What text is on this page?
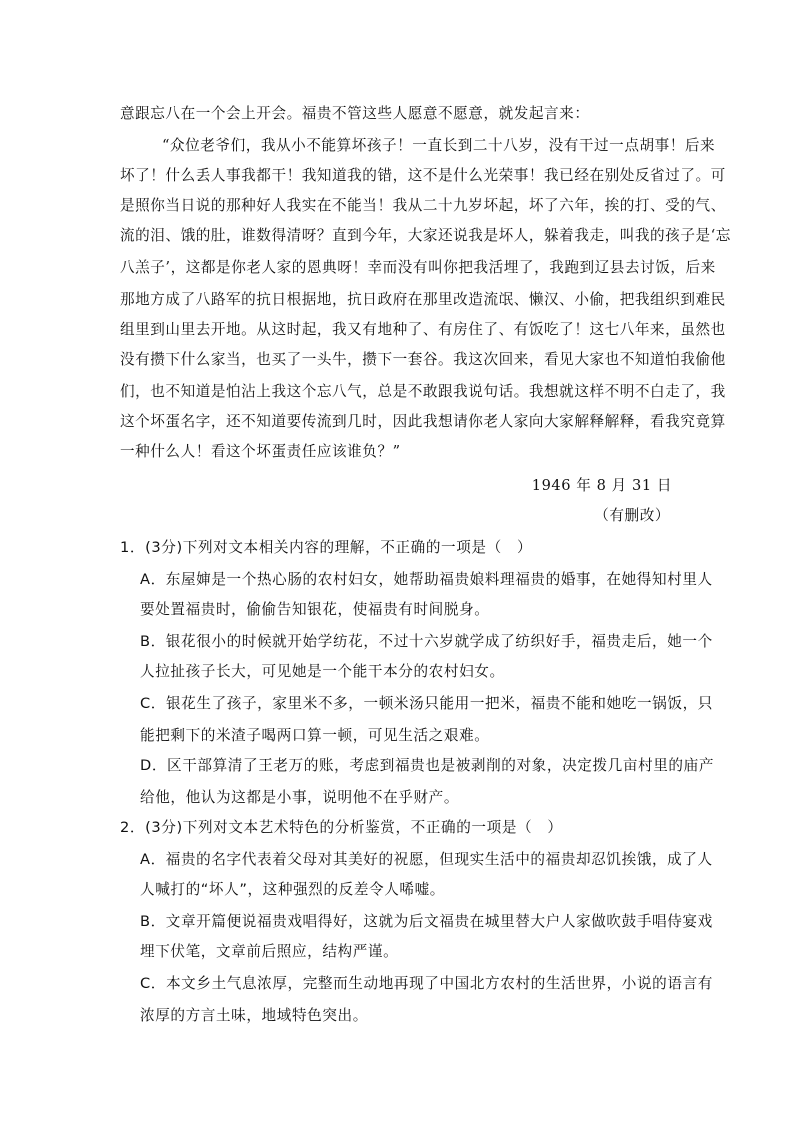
意跟忘八在一个会上开会。福贵不管这些人愿意不愿意，就发起言来：
“众位老爷们，我从小不能算坏孩子！一直长到二十八岁，没有干过一点胡事！后来
坏了！什么丢人事我都干！我知道我的错，这不是什么光荣事！我已经在别处反省过了。可
是照你当日说的那种好人我实在不能当！我从二十九岁坏起，坏了六年，挨的打、受的气、
流的泪、饿的肚，谁数得清呀？直到今年，大家还说我是坏人，躲着我走，叫我的孩子是‘忘
八羔子’，这都是你老人家的恩典呀！幸而没有叫你把我活埋了，我跑到辽县去讨饭，后来
那地方成了八路军的抗日根据地，抗日政府在那里改造流氓、懒汉、小偷，把我组织到难民
组里到山里去开地。从这时起，我又有地种了、有房住了、有饭吃了！这七八年来，虽然也
没有攒下什么家当，也买了一头牛，攒下一套谷。我这次回来，看见大家也不知道怕我偷他
们，也不知道是怕沾上我这个忘八气，总是不敢跟我说句话。我想就这样不明不白走了，我
这个坏蛋名字，还不知道要传流到几时，因此我想请你老人家向大家解释解释，看我究竟算
一种什么人！看这个坏蛋责任应该谁负？”
1946 年 8 月 31 日
（有删改）
1．(3分)下列对文本相关内容的理解，不正确的一项是（　）
A．东屋婶是一个热心肠的农村妇女，她帮助福贵娘料理福贵的婚事，在她得知村里人
要处置福贵时，偷偷告知银花，使福贵有时间脱身。
B．银花很小的时候就开始学纺花，不过十六岁就学成了纺织好手，福贵走后，她一个
人拉扯孩子长大，可见她是一个能干本分的农村妇女。
C．银花生了孩子，家里米不多，一顿米汤只能用一把米，福贵不能和她吃一锅饭，只
能把剩下的米渣子喝两口算一顿，可见生活之艰难。
D．区干部算清了王老万的账，考虑到福贵也是被剥削的对象，决定拨几亩村里的庙产
给他，他认为这都是小事，说明他不在乎财产。
2．(3分)下列对文本艺术特色的分析鉴赏，不正确的一项是（　）
A．福贵的名字代表着父母对其美好的祝愿，但现实生活中的福贵却忍饥挨饿，成了人
人喊打的“坏人”，这种强烈的反差令人唏嘘。
B．文章开篇便说福贵戏唱得好，这就为后文福贵在城里替大户人家做吹鼓手唱侍宴戏
埋下伏笔，文章前后照应，结构严谨。
C．本文乡土气息浓厚，完整而生动地再现了中国北方农村的生活世界，小说的语言有
浓厚的方言土味，地域特色突出。
